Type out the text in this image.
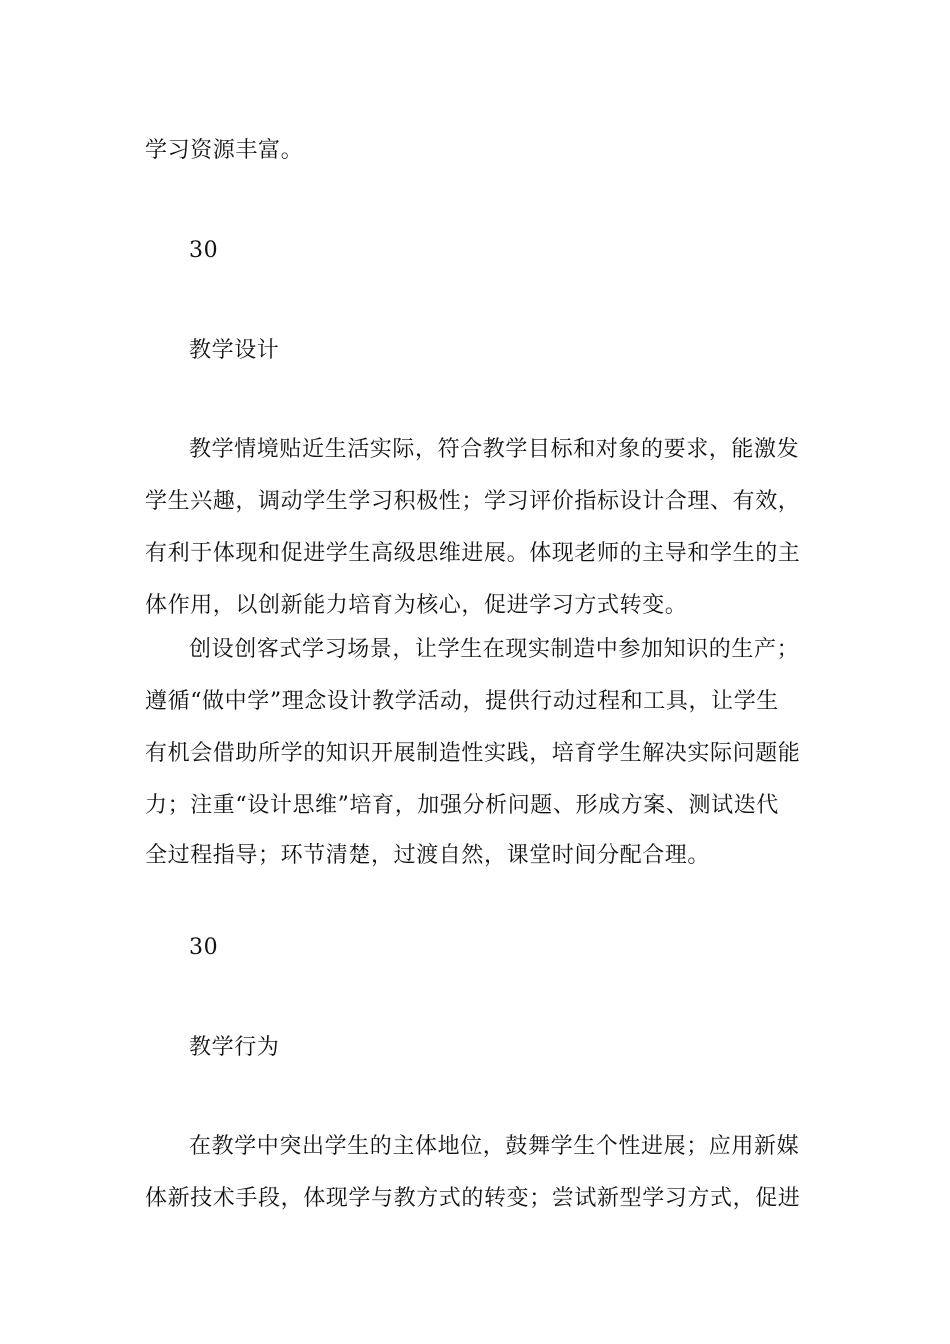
学习资源丰富。
30
教学设计
教学情境贴近生活实际，符合教学目标和对象的要求，能激发
学生兴趣，调动学生学习积极性；学习评价指标设计合理、有效，
有利于体现和促进学生高级思维进展。体现老师的主导和学生的主
体作用，以创新能力培育为核心，促进学习方式转变。
创设创客式学习场景，让学生在现实制造中参加知识的生产；
遵循“做中学”理念设计教学活动，提供行动过程和工具，让学生
有机会借助所学的知识开展制造性实践，培育学生解决实际问题能
力；注重“设计思维”培育，加强分析问题、形成方案、测试迭代
全过程指导；环节清楚，过渡自然，课堂时间分配合理。
30
教学行为
在教学中突出学生的主体地位，鼓舞学生个性进展；应用新媒
体新技术手段，体现学与教方式的转变；尝试新型学习方式，促进
